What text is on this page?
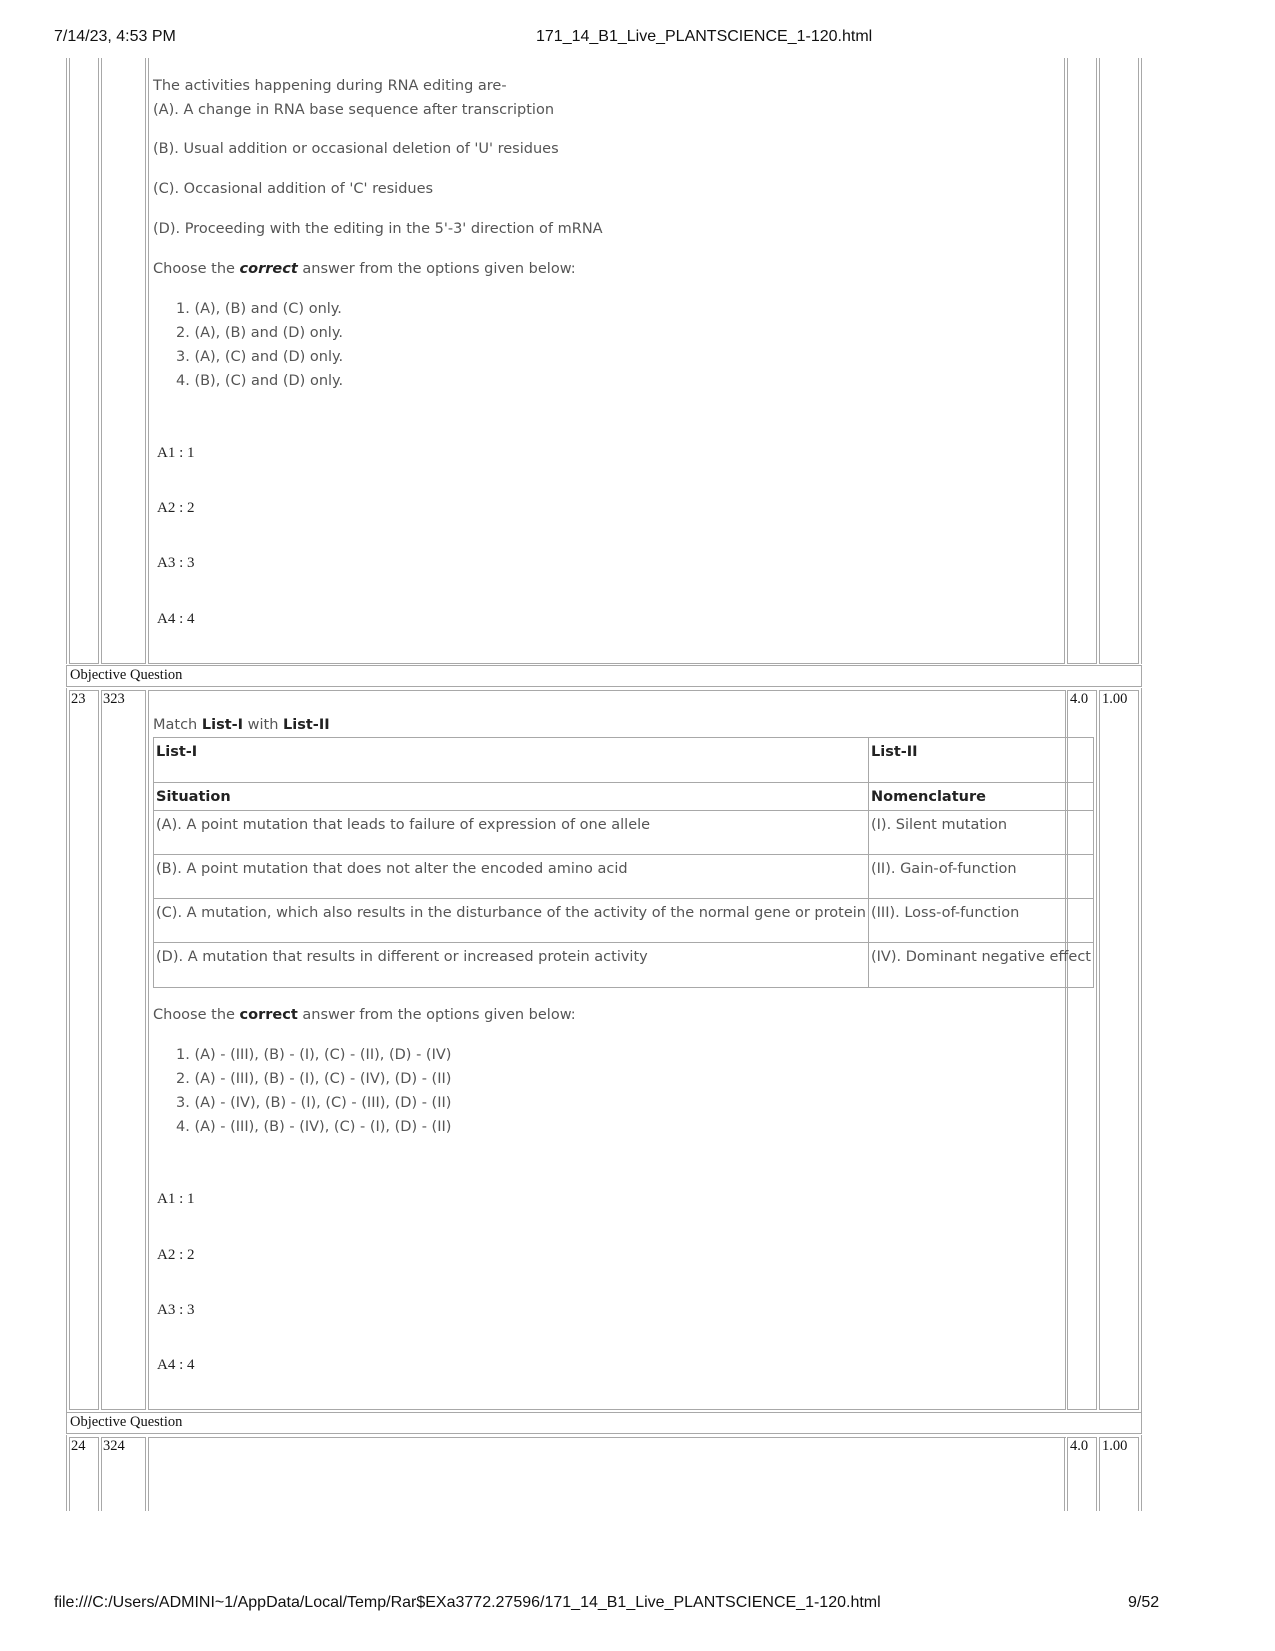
7/14/23, 4:53 PM	171_14_B1_Live_PLANTSCIENCE_1-120.html
The activities happening during RNA editing are-
(A). A change in RNA base sequence after transcription
(B). Usual addition or occasional deletion of 'U' residues
(C). Occasional addition of 'C' residues
(D). Proceeding with the editing in the 5'-3' direction of mRNA
Choose the correct answer from the options given below:
1. (A), (B) and (C) only.
2. (A), (B) and (D) only.
3. (A), (C) and (D) only.
4. (B), (C) and (D) only.
A1 : 1
A2 : 2
A3 : 3
A4 : 4
Objective Question
23 323	4.0 1.00
Match List-I with List-II
List-I	List-II
Situation	Nomenclature
(A). A point mutation that leads to failure of expression of one allele	(I). Silent mutation
(B). A point mutation that does not alter the encoded amino acid	(II). Gain-of-function
(C). A mutation, which also results in the disturbance of the activity of the normal gene or protein	(III). Loss-of-function
(D). A mutation that results in different or increased protein activity	(IV). Dominant negative effect
Choose the correct answer from the options given below:
1. (A) - (III), (B) - (I), (C) - (II), (D) - (IV)
2. (A) - (III), (B) - (I), (C) - (IV), (D) - (II)
3. (A) - (IV), (B) - (I), (C) - (III), (D) - (II)
4. (A) - (III), (B) - (IV), (C) - (I), (D) - (II)
A1 : 1
A2 : 2
A3 : 3
A4 : 4
Objective Question
24 324	4.0 1.00
file:///C:/Users/ADMINI~1/AppData/Local/Temp/Rar$EXa3772.27596/171_14_B1_Live_PLANTSCIENCE_1-120.html	9/52
